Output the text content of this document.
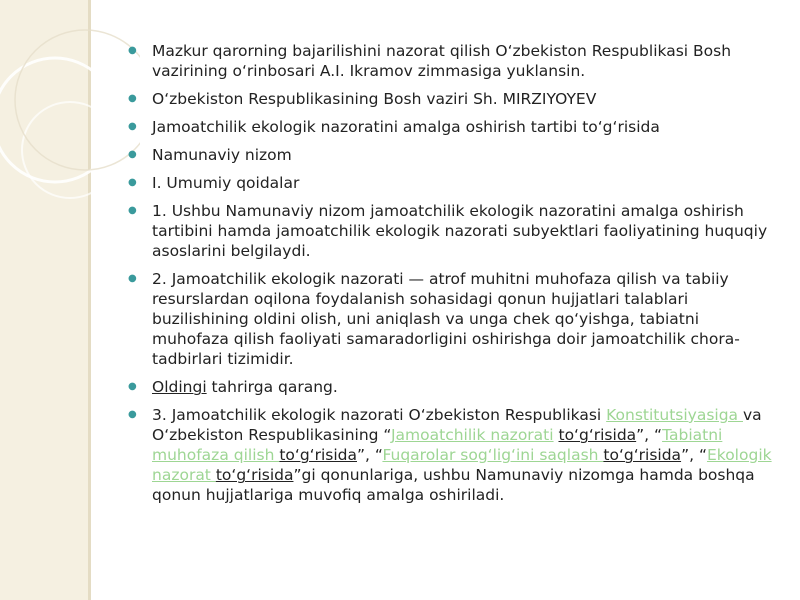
● Mazkur qarorning bajarilishini nazorat qilish O‘zbekiston Respublikasi Bosh vazirining o‘rinbosari A.I. Ikramov zimmasiga yuklansin.
● O‘zbekiston Respublikasining Bosh vaziri Sh. MIRZIYOYEV
● Jamoatchilik ekologik nazoratini amalga oshirish tartibi to‘g‘risida
● Namunaviy nizom
● I. Umumiy qoidalar
● 1. Ushbu Namunaviy nizom jamoatchilik ekologik nazoratini amalga oshirish tartibini hamda jamoatchilik ekologik nazorati subyektlari faoliyatining huquqiy asoslarini belgilaydi.
● 2. Jamoatchilik ekologik nazorati — atrof muhitni muhofaza qilish va tabiiy resurslardan oqilona foydalanish sohasidagi qonun hujjatlari talablari buzilishining oldini olish, uni aniqlash va unga chek qo‘yishga, tabiatni muhofaza qilish faoliyati samaradorligini oshirishga doir jamoatchilik chora-tadbirlari tizimidir.
● Oldingi tahrirga qarang.
● 3. Jamoatchilik ekologik nazorati O‘zbekiston Respublikasi Konstitutsiyasiga va O‘zbekiston Respublikasining “Jamoatchilik nazorati to‘g‘risida”, “Tabiatni muhofaza qilish to‘g‘risida”, “Fuqarolar sog‘lig‘ini saqlash to‘g‘risida”, “Ekologik nazorat to‘g‘risida”gi qonunlariga, ushbu Namunaviy nizomga hamda boshqa qonun hujjatlariga muvofiq amalga oshiriladi.
